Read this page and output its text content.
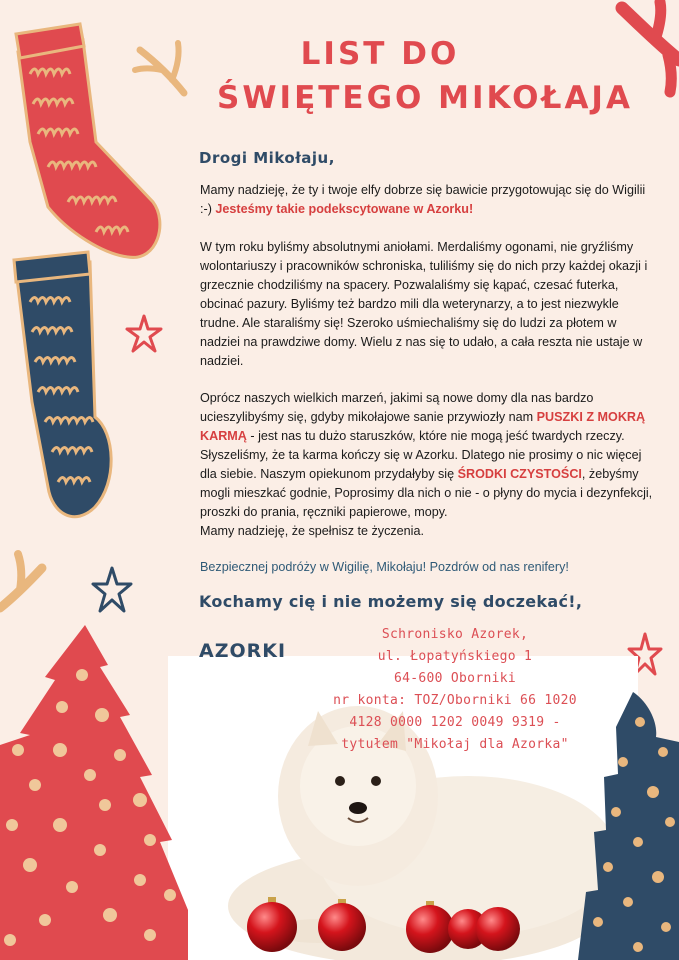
LIST DO
ŚWIĘTEGO MIKOŁAJA
Drogi Mikołaju,
Mamy nadzieję, że ty i twoje elfy dobrze się bawicie przygotowując się do Wigilii :-) Jesteśmy takie podekscytowane w Azorku!
W tym roku byliśmy absolutnymi aniołami. Merdaliśmy ogonami, nie gryźliśmy wolontariuszy i pracowników schroniska, tuliliśmy się do nich przy każdej okazji i grzecznie chodziliśmy na spacery. Pozwalaliśmy się kąpać, czesać futerka, obcinać pazury. Byliśmy też bardzo mili dla weterynarzy, a to jest niezwykle trudne. Ale staraliśmy się! Szeroko uśmiechaliśmy się do ludzi za płotem w nadziei na prawdziwe domy. Wielu z nas się to udało, a cała reszta nie ustaje w nadziei.
Oprócz naszych wielkich marzeń, jakimi są nowe domy dla nas bardzo ucieszylibyśmy się, gdyby mikołajowe sanie przywiozły nam PUSZKI Z MOKRĄ KARMĄ - jest nas tu dużo staruszków, które nie mogą jeść twardych rzeczy. Słyszeliśmy, że ta karma kończy się w Azorku. Dlatego nie prosimy o nic więcej dla siebie. Naszym opiekunom przydałyby się ŚRODKI CZYSTOŚCI, żebyśmy mogli mieszkać godnie, Poprosimy dla nich o nie - o płyny do mycia i dezynfekcji, proszki do prania, ręczniki papierowe, mopy.
Mamy nadzieję, że spełnisz te życzenia.
Bezpiecznej podróży w Wigilię, Mikołaju! Pozdrów od nas renifery!
Kochamy cię i nie możemy się doczekać!,
AZORKI
Schronisko Azorek,
ul. Łopatyńskiego 1
64-600 Oborniki
nr konta: TOZ/Oborniki 66 1020
4128 0000 1202 0049 9319 -
tytułem "Mikołaj dla Azorka"
